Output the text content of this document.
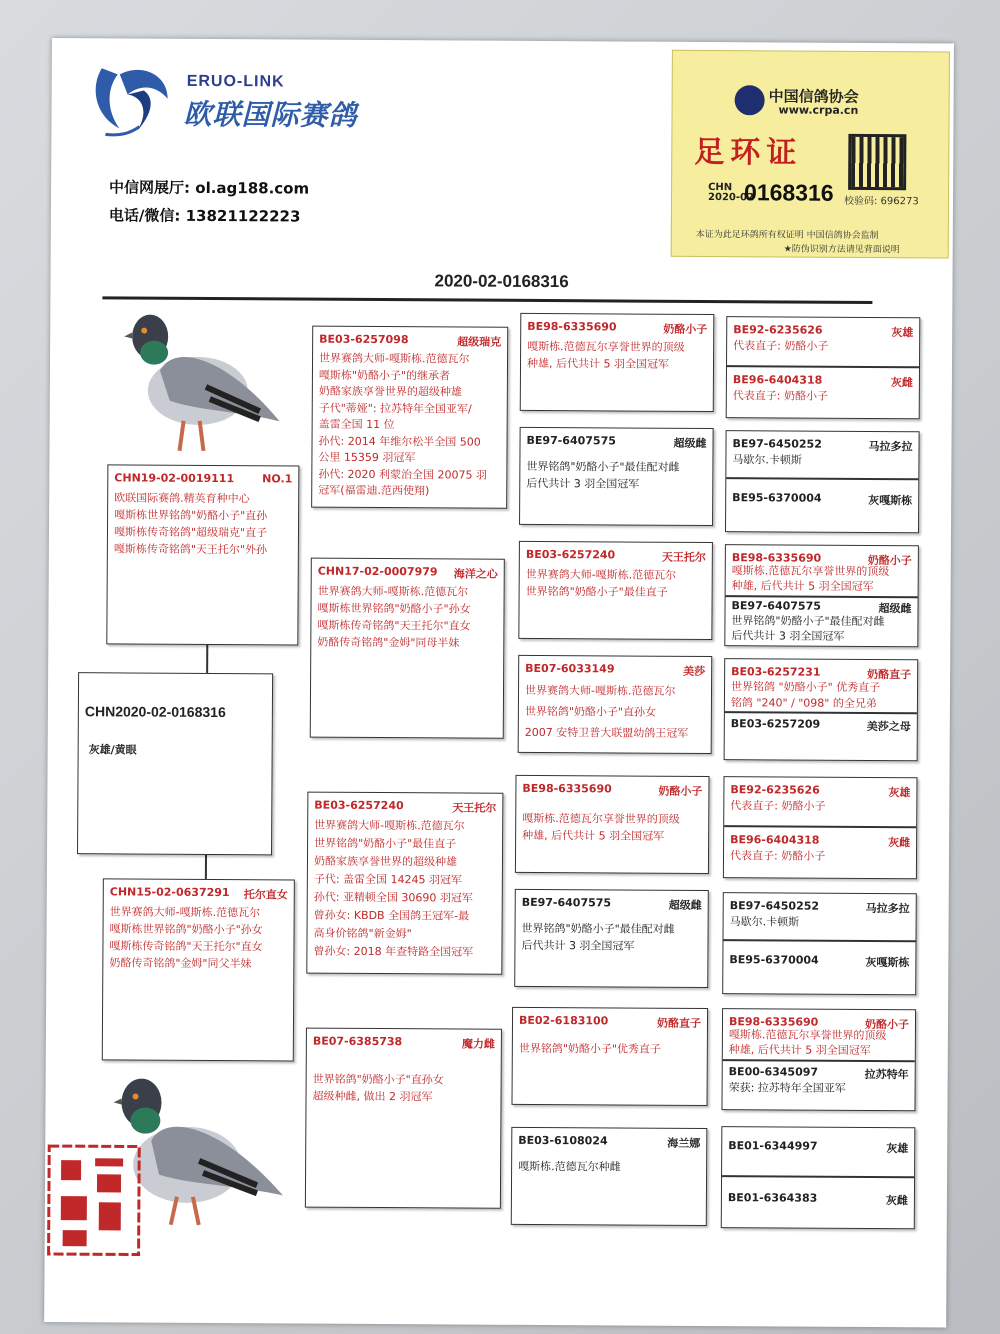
ERUO-LINK
欧联国际赛鸽
中信网展厅: ol.ag188.com
电话/微信: 13821122223
中国信鸽协会
www.crpa.cn
足环证
CHN
2020-02
0168316 校验码: 696273
本证为此足环鸽所有权证明 中国信鸽协会监制
★防伪识别方法请见背面说明
2020-02-0168316
CHN2020-02-0168316
灰雄/黄眼
CHN19-02-0019111	NO.1

欧联国际赛鸽.精英育种中心

嘎斯栋世界铭鸽"奶酪小子"直孙

嘎斯栋传奇铭鸽"超级瑞克"直子

嘎斯栋传奇铭鸽"天王托尔"外孙

CHN15-02-0637291 托尔直女

世界赛鸽大师-嘎斯栋.范德瓦尔

嘎斯栋世界铭鸽"奶酪小子"孙女

嘎斯栋传奇铭鸽"天王托尔"直女

奶酪传奇铭鸽"金姆"同父半妹

BE03-6257098	超级瑞克

世界赛鸽大师-嘎斯栋.范德瓦尔

嘎斯栋"奶酪小子"的继承者

奶酪家族享誉世界的超级种雄

子代"蒂娅": 拉苏特年全国亚军/

盖雷全国 11 位

孙代: 2014 年维尔松半全国 500

公里 15359 羽冠军

孙代: 2020 利蒙治全国 20075 羽

冠军(福雷迪.范西使翔)

CHN17-02-0007979 海洋之心

世界赛鸽大师-嘎斯栋.范德瓦尔

嘎斯栋世界铭鸽"奶酪小子"孙女

嘎斯栋传奇铭鸽"天王托尔"直女

奶酪传奇铭鸽"金姆"同母半妹

BE03-6257240	天王托尔

世界赛鸽大师-嘎斯栋.范德瓦尔

世界铭鸽"奶酪小子"最佳直子

奶酪家族享誉世界的超级种雄

子代: 盖雷全国 14245 羽冠军

孙代: 亚精顿全国 30690 羽冠军

曾孙女: KBDB 全国鸽王冠军-最

高身价铭鸽"新金姆"

曾孙女: 2018 年查特路全国冠军

BE07-6385738	魔力雌

世界铭鸽"奶酪小子"直孙女

超级种雌, 做出 2 羽冠军

BE98-6335690	奶酪小子

嘎斯栋.范德瓦尔享誉世界的顶级

种雄, 后代共计 5 羽全国冠军

BE97-6407575	超级雌

世界铭鸽"奶酪小子"最佳配对雌

后代共计 3 羽全国冠军

BE03-6257240	天王托尔

世界赛鸽大师-嘎斯栋.范德瓦尔

世界铭鸽"奶酪小子"最佳直子

BE07-6033149	美莎

世界赛鸽大师-嘎斯栋.范德瓦尔

世界铭鸽"奶酪小子"直孙女

2007 安特卫普大联盟幼鸽王冠军

BE98-6335690	奶酪小子

嘎斯栋.范德瓦尔享誉世界的顶级

种雄, 后代共计 5 羽全国冠军

BE97-6407575	超级雌

世界铭鸽"奶酪小子"最佳配对雌

后代共计 3 羽全国冠军

BE02-6183100	奶酪直子

世界铭鸽"奶酪小子"优秀直子

BE03-6108024	海兰娜

嘎斯栋.范德瓦尔种雌

BE92-6235626	灰雄

代表直子: 奶酪小子

BE96-6404318	灰雌

代表直子: 奶酪小子

BE97-6450252	马拉多拉

马歇尔.卡顿斯

BE95-6370004	灰嘎斯栋
BE98-6335690	奶酪小子

嘎斯栋.范德瓦尔享誉世界的顶级

种雄, 后代共计 5 羽全国冠军

BE97-6407575	超级雌

世界铭鸽"奶酪小子"最佳配对雌

后代共计 3 羽全国冠军

BE03-6257231	奶酪直子

世界铭鸽 "奶酪小子" 优秀直子

铭鸽 "240" / "098" 的全兄弟

BE03-6257209	美莎之母
BE92-6235626	灰雄

代表直子: 奶酪小子

BE96-6404318	灰雌

代表直子: 奶酪小子

BE97-6450252	马拉多拉

马歇尔.卡顿斯

BE95-6370004	灰嘎斯栋
BE98-6335690	奶酪小子

嘎斯栋.范德瓦尔享誉世界的顶级

种雄, 后代共计 5 羽全国冠军

BE00-6345097	拉苏特年

荣获: 拉苏特年全国亚军

BE01-6344997	灰雄
BE01-6364383	灰雌
